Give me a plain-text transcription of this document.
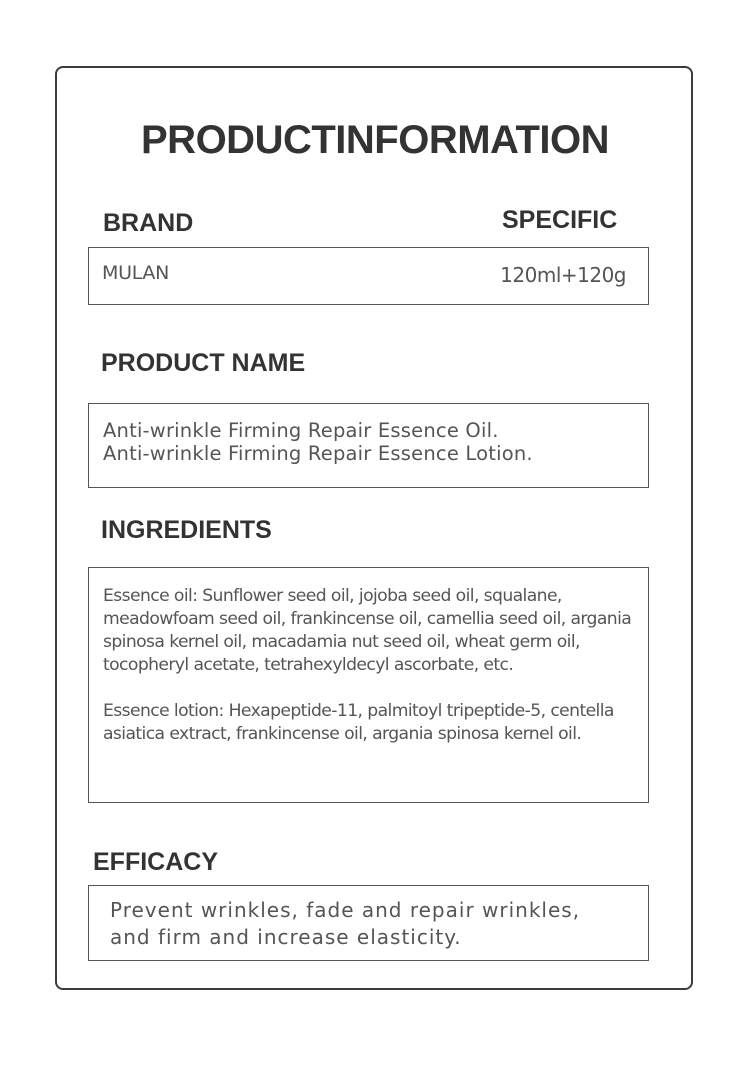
PRODUCTINFORMATION
BRAND	SPECIFIC
MULAN	120ml+120g
PRODUCT NAME
Anti-wrinkle Firming Repair Essence Oil.
Anti-wrinkle Firming Repair Essence Lotion.
INGREDIENTS

Essence oil: Sunflower seed oil, jojoba seed oil, squalane, meadowfoam seed oil, frankincense oil, camellia seed oil, argania spinosa kernel oil, macadamia nut seed oil, wheat germ oil, tocopheryl acetate, tetrahexyldecyl ascorbate, etc.

Essence lotion: Hexapeptide-11, palmitoyl tripeptide-5, centella asiatica extract, frankincense oil, argania spinosa kernel oil.

EFFICACY
Prevent wrinkles, fade and repair wrinkles,
and firm and increase elasticity.
